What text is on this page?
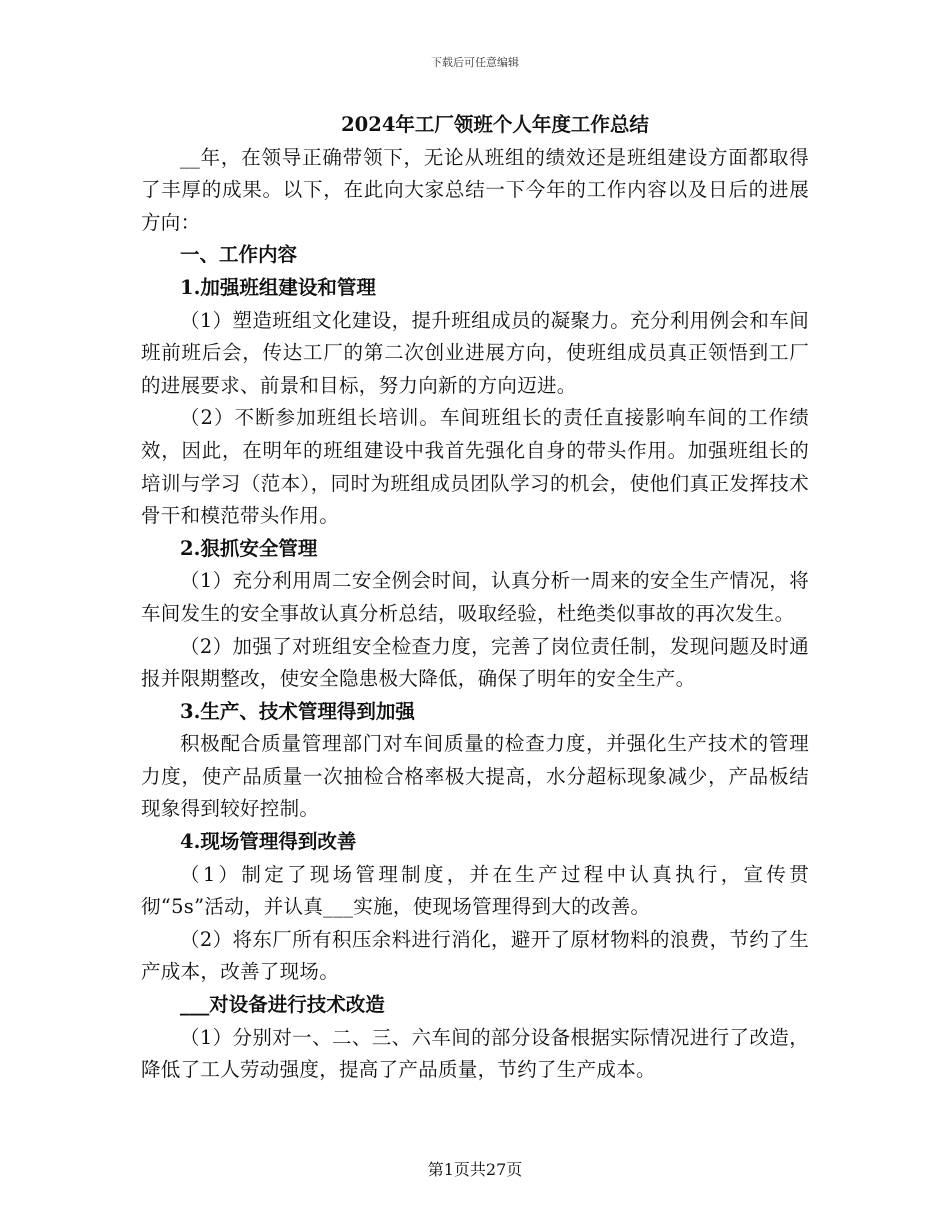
下载后可任意编辑
2024年工厂领班个人年度工作总结
__年，在领导正确带领下，无论从班组的绩效还是班组建设方面都取得了丰厚的成果。以下，在此向大家总结一下今年的工作内容以及日后的进展方向：
一、工作内容
1.加强班组建设和管理
（1）塑造班组文化建设，提升班组成员的凝聚力。充分利用例会和车间班前班后会，传达工厂的第二次创业进展方向，使班组成员真正领悟到工厂的进展要求、前景和目标，努力向新的方向迈进。
（2）不断参加班组长培训。车间班组长的责任直接影响车间的工作绩效，因此，在明年的班组建设中我首先强化自身的带头作用。加强班组长的培训与学习（范本），同时为班组成员团队学习的机会，使他们真正发挥技术骨干和模范带头作用。
2.狠抓安全管理
（1）充分利用周二安全例会时间，认真分析一周来的安全生产情况，将车间发生的安全事故认真分析总结，吸取经验，杜绝类似事故的再次发生。
（2）加强了对班组安全检查力度，完善了岗位责任制，发现问题及时通报并限期整改，使安全隐患极大降低，确保了明年的安全生产。
3.生产、技术管理得到加强
积极配合质量管理部门对车间质量的检查力度，并强化生产技术的管理力度，使产品质量一次抽检合格率极大提高，水分超标现象减少，产品板结现象得到较好控制。
4.现场管理得到改善
（1）制定了现场管理制度，并在生产过程中认真执行，宣传贯彻“5s”活动，并认真___实施，使现场管理得到大的改善。
（2）将东厂所有积压余料进行消化，避开了原材物料的浪费，节约了生产成本，改善了现场。
___对设备进行技术改造
（1）分别对一、二、三、六车间的部分设备根据实际情况进行了改造，降低了工人劳动强度，提高了产品质量，节约了生产成本。
第1页共27页
